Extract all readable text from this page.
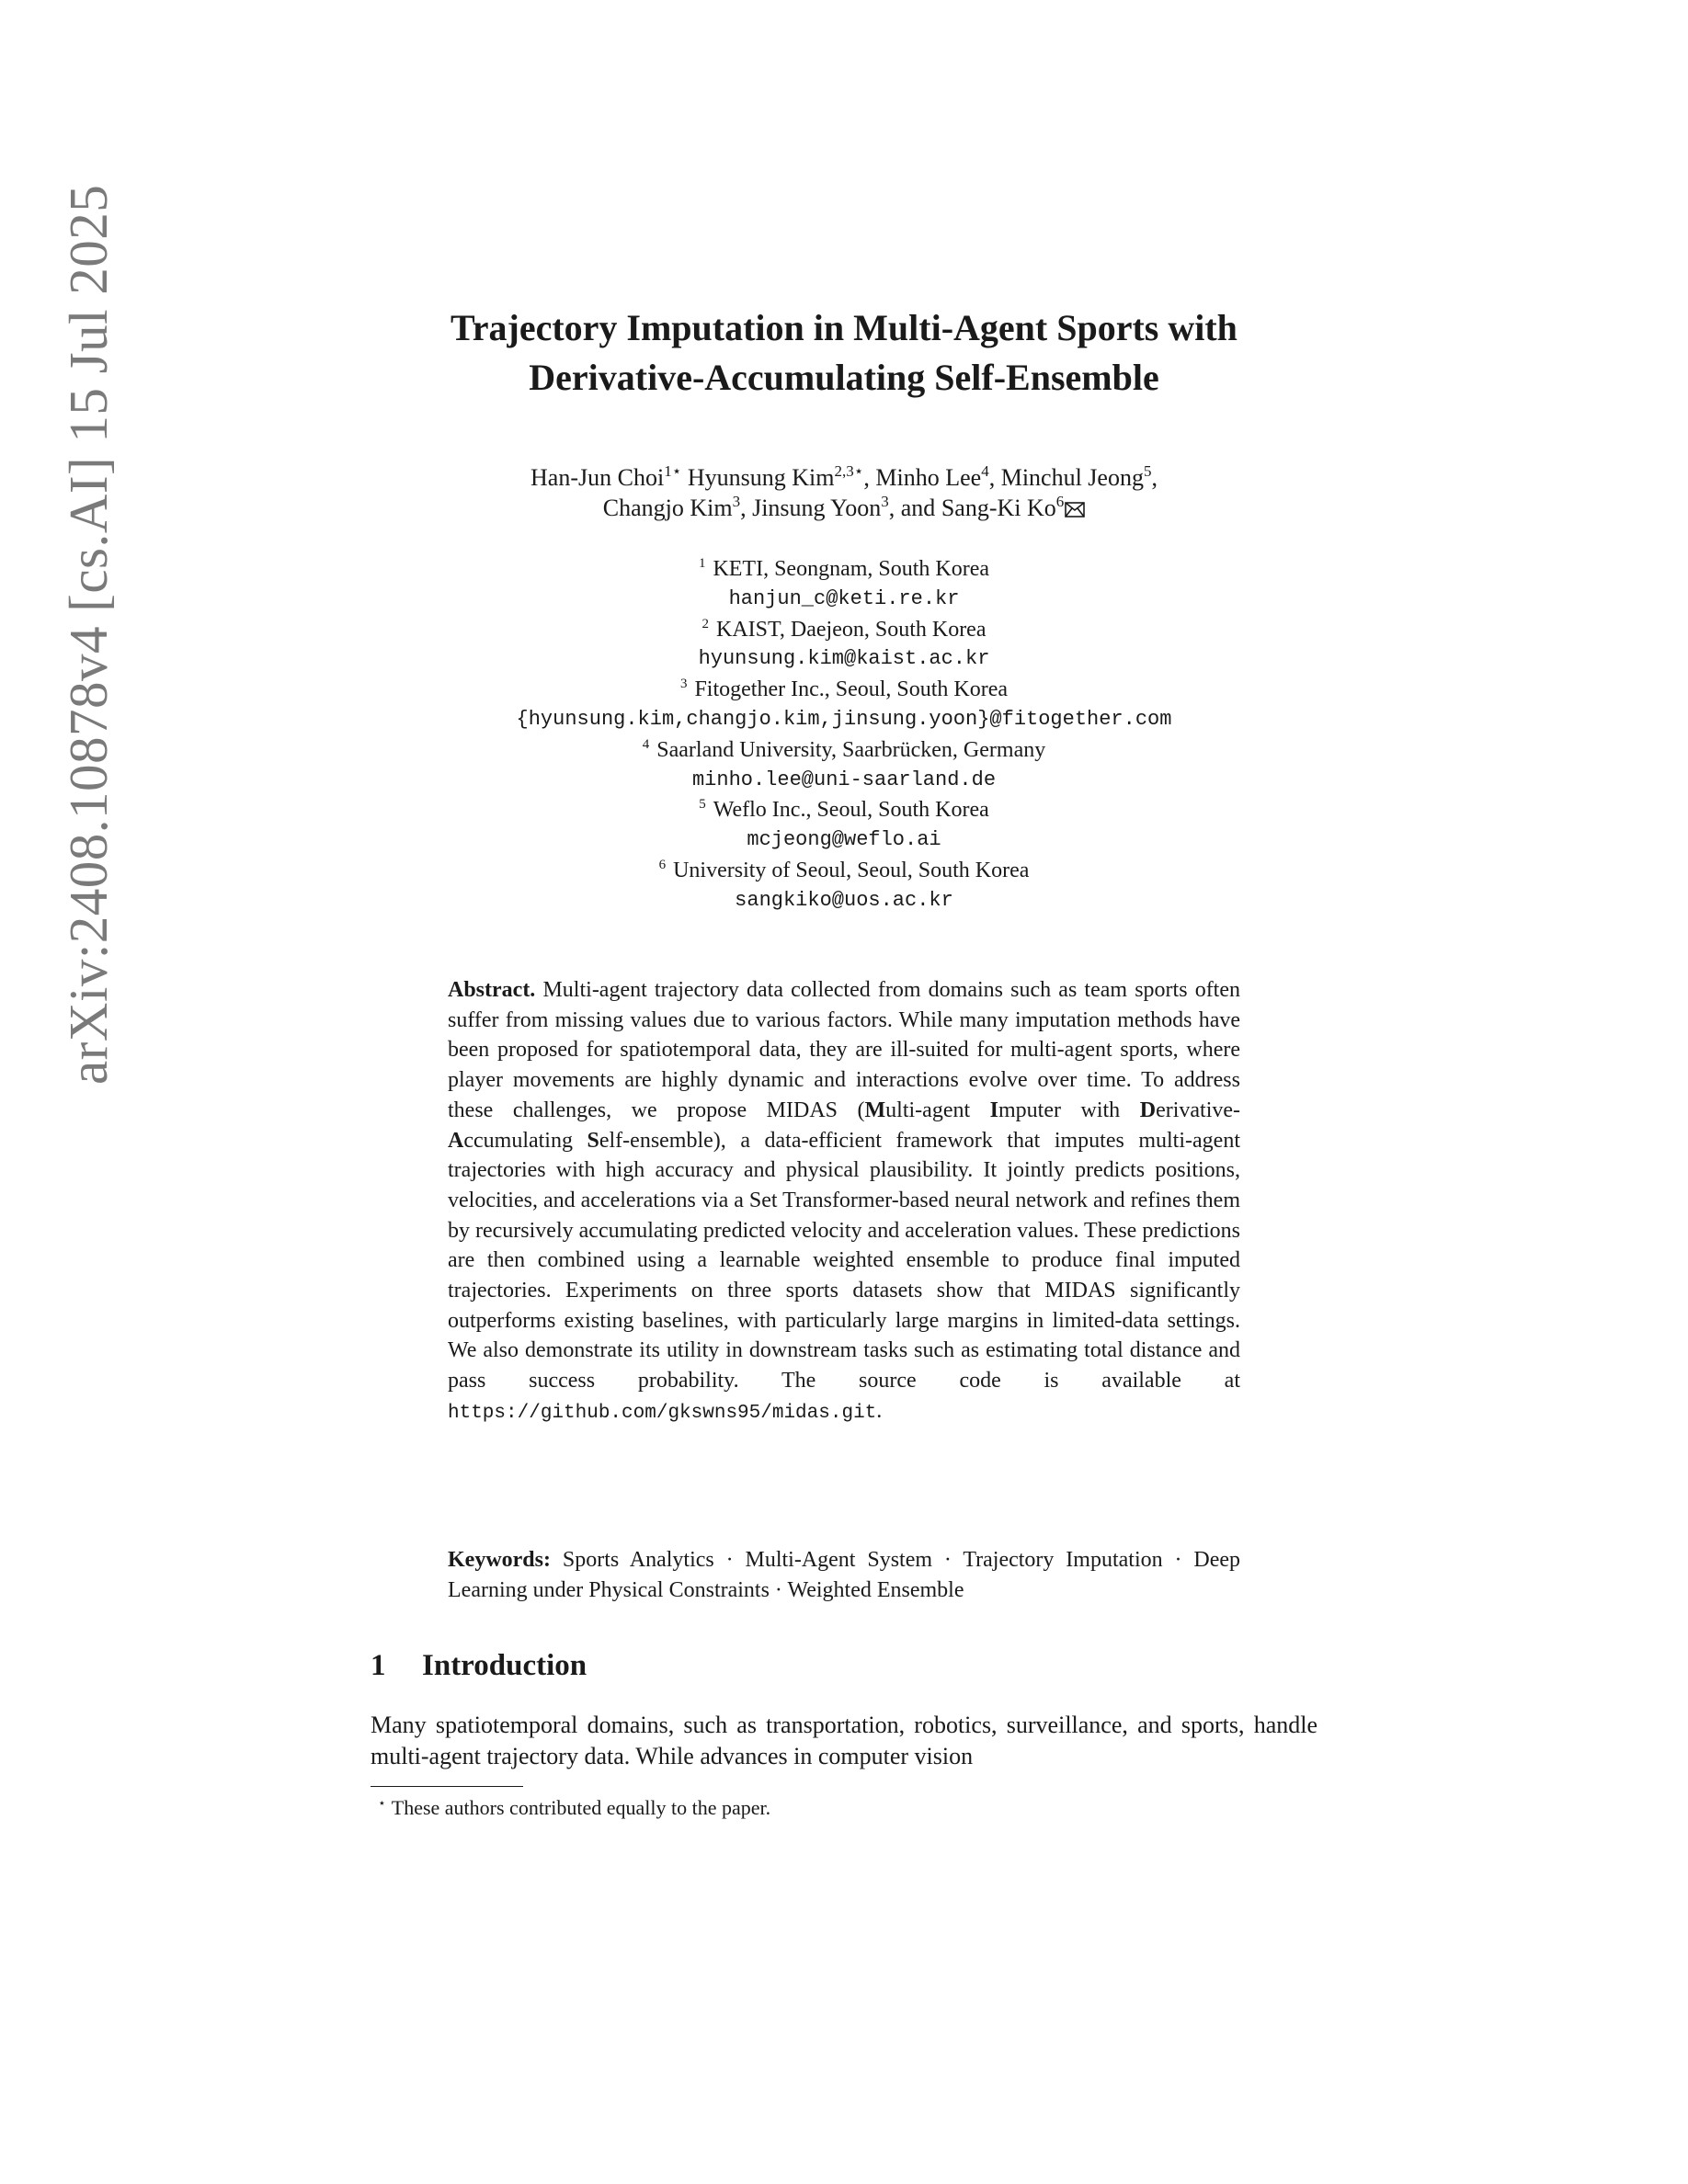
arXiv:2408.10878v4 [cs.AI] 15 Jul 2025	Trajectory Imputation in Multi-Agent Sports with
Derivative-Accumulating Self-Ensemble
Han-Jun Choi$^{1⋆}$ Hyunsung Kim$^{2,3⋆}$, Minho Lee$^4$, Minchul Jeong$^5$,
Changjo Kim$^3$, Jinsung Yoon$^3$, and Sang-Ki Ko$^6$
$^1$ KETI, Seongnam, South Korea
hanjun_c@keti.re.kr
$^2$ KAIST, Daejeon, South Korea
hyunsung.kim@kaist.ac.kr
$^3$ Fitogether Inc., Seoul, South Korea
{hyunsung.kim,changjo.kim,jinsung.yoon}@fitogether.com
$^4$ Saarland University, Saarbrücken, Germany
minho.lee@uni-saarland.de
$^5$ Weflo Inc., Seoul, South Korea
mcjeong@weflo.ai
$^6$ University of Seoul, Seoul, South Korea
sangkiko@uos.ac.kr

Abstract. Multi-agent trajectory data collected from domains such as team sports often suffer from missing values due to various factors. While many imputation methods have been proposed for spatiotemporal data, they are ill-suited for multi-agent sports, where player movements are highly dynamic and interactions evolve over time. To address these challenges, we propose MIDAS (Multi-agent Imputer with Derivative-Accumulating Self-ensemble), a data-efficient framework that imputes multi-agent trajectories with high accuracy and physical plausibility. It jointly predicts positions, velocities, and accelerations via a Set Transformer-based neural network and refines them by recursively accumulating predicted velocity and acceleration values. These predictions are then combined using a learnable weighted ensemble to produce final imputed trajectories. Experiments on three sports datasets show that MIDAS significantly outperforms existing baselines, with particularly large margins in limited-data settings. We also demonstrate its utility in downstream tasks such as estimating total distance and pass success probability. The source code is available at https://github.com/gkswns95/midas.git.

Keywords: Sports Analytics · Multi-Agent System · Trajectory Imputation · Deep Learning under Physical Constraints · Weighted Ensemble

1 Introduction

Many spatiotemporal domains, such as transportation, robotics, surveillance, and sports, handle multi-agent trajectory data. While advances in computer vision

⋆ These authors contributed equally to the paper.
